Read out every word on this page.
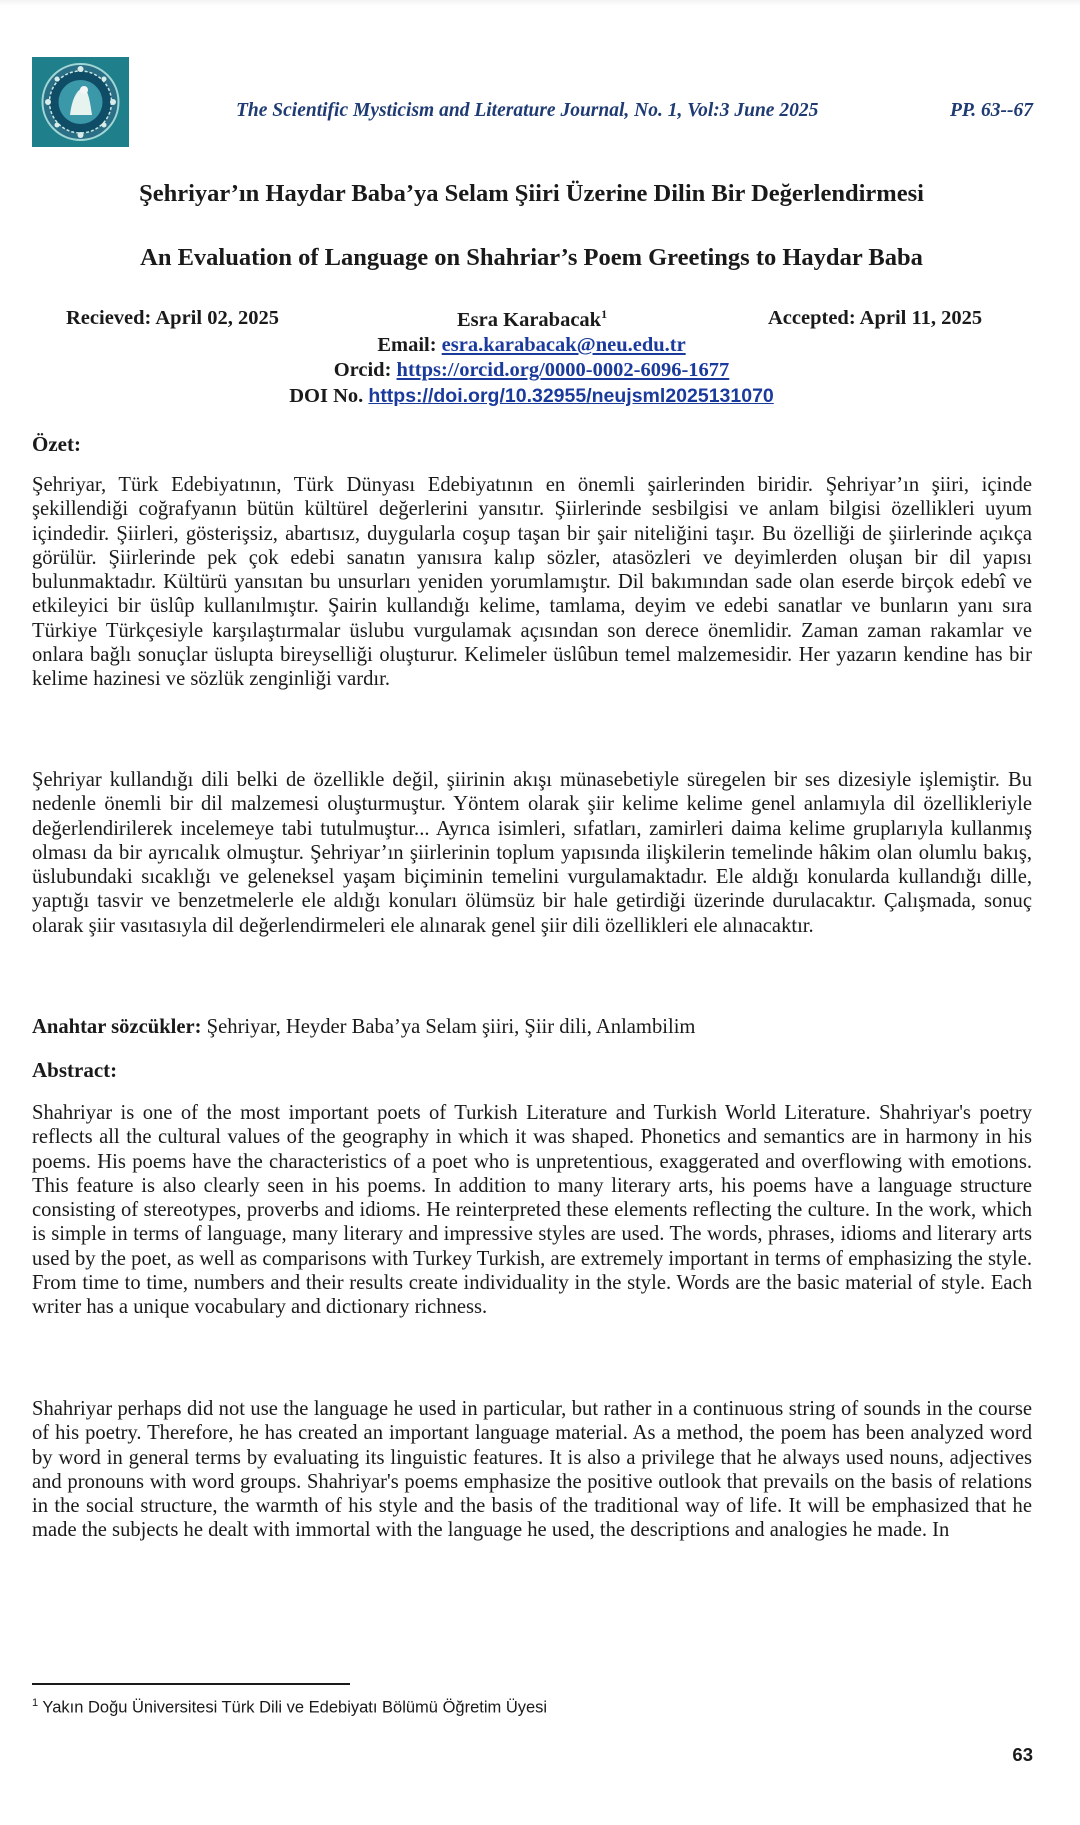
The Scientific Mysticism and Literature Journal, No. 1, Vol:3 June 2025	PP. 63--67
Şehriyar’ın Haydar Baba’ya Selam Şiiri Üzerine Dilin Bir Değerlendirmesi
An Evaluation of Language on Shahriar’s Poem Greetings to Haydar Baba
Recieved: April 02, 2025	Esra Karabacak$^1$	Accepted: April 11, 2025
Email: esra.karabacak@neu.edu.tr
Orcid: https://orcid.org/0000-0002-6096-1677
DOI No. https://doi.org/10.32955/neujsml2025131070
Özet:
Şehriyar, Türk Edebiyatının, Türk Dünyası Edebiyatının en önemli şairlerinden biridir. Şehriyar’ın şiiri, içinde şekillendiği coğrafyanın bütün kültürel değerlerini yansıtır. Şiirlerinde sesbilgisi ve anlam bilgisi özellikleri uyum içindedir. Şiirleri, gösterişsiz, abartısız, duygularla coşup taşan bir şair niteliğini taşır. Bu özelliği de şiirlerinde açıkça görülür. Şiirlerinde pek çok edebi sanatın yanısıra kalıp sözler, atasözleri ve deyimlerden oluşan bir dil yapısı bulunmaktadır. Kültürü yansıtan bu unsurları yeniden yorumlamıştır. Dil bakımından sade olan eserde birçok edebî ve etkileyici bir üslûp kullanılmıştır. Şairin kullandığı kelime, tamlama, deyim ve edebi sanatlar ve bunların yanı sıra Türkiye Türkçesiyle karşılaştırmalar üslubu vurgulamak açısından son derece önemlidir. Zaman zaman rakamlar ve onlara bağlı sonuçlar üslupta bireyselliği oluşturur. Kelimeler üslûbun temel malzemesidir. Her yazarın kendine has bir kelime hazinesi ve sözlük zenginliği vardır.
Şehriyar kullandığı dili belki de özellikle değil, şiirinin akışı münasebetiyle süregelen bir ses dizesiyle işlemiştir. Bu nedenle önemli bir dil malzemesi oluşturmuştur. Yöntem olarak şiir kelime kelime genel anlamıyla dil özellikleriyle değerlendirilerek incelemeye tabi tutulmuştur... Ayrıca isimleri, sıfatları, zamirleri daima kelime gruplarıyla kullanmış olması da bir ayrıcalık olmuştur. Şehriyar’ın şiirlerinin toplum yapısında ilişkilerin temelinde hâkim olan olumlu bakış, üslubundaki sıcaklığı ve geleneksel yaşam biçiminin temelini vurgulamaktadır. Ele aldığı konularda kullandığı dille, yaptığı tasvir ve benzetmelerle ele aldığı konuları ölümsüz bir hale getirdiği üzerinde durulacaktır. Çalışmada, sonuç olarak şiir vasıtasıyla dil değerlendirmeleri ele alınarak genel şiir dili özellikleri ele alınacaktır.
Anahtar sözcükler: Şehriyar, Heyder Baba’ya Selam şiiri, Şiir dili, Anlambilim
Abstract:
Shahriyar is one of the most important poets of Turkish Literature and Turkish World Literature. Shahriyar's poetry reflects all the cultural values of the geography in which it was shaped. Phonetics and semantics are in harmony in his poems. His poems have the characteristics of a poet who is unpretentious, exaggerated and overflowing with emotions. This feature is also clearly seen in his poems. In addition to many literary arts, his poems have a language structure consisting of stereotypes, proverbs and idioms. He reinterpreted these elements reflecting the culture. In the work, which is simple in terms of language, many literary and impressive styles are used. The words, phrases, idioms and literary arts used by the poet, as well as comparisons with Turkey Turkish, are extremely important in terms of emphasizing the style. From time to time, numbers and their results create individuality in the style. Words are the basic material of style. Each writer has a unique vocabulary and dictionary richness.
Shahriyar perhaps did not use the language he used in particular, but rather in a continuous string of sounds in the course of his poetry. Therefore, he has created an important language material. As a method, the poem has been analyzed word by word in general terms by evaluating its linguistic features. It is also a privilege that he always used nouns, adjectives and pronouns with word groups. Shahriyar's poems emphasize the positive outlook that prevails on the basis of relations in the social structure, the warmth of his style and the basis of the traditional way of life. It will be emphasized that he made the subjects he dealt with immortal with the language he used, the descriptions and analogies he made. In
$^1$ Yakın Doğu Üniversitesi Türk Dili ve Edebiyatı Bölümü Öğretim Üyesi
63
